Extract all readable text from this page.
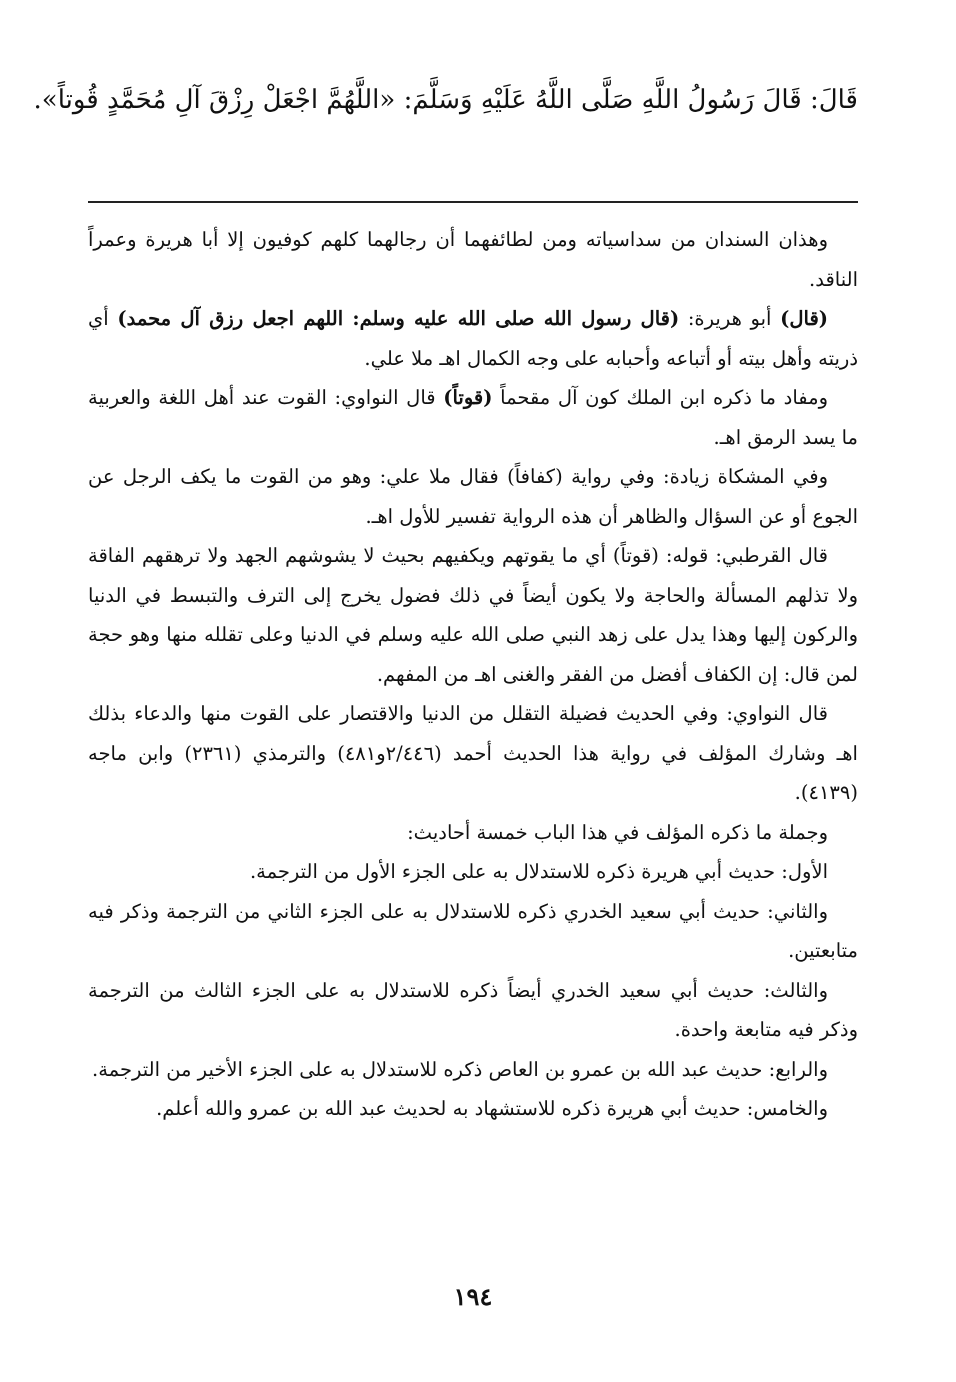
قَالَ: قَالَ رَسُولُ اللَّهِ صَلَّى اللَّهُ عَلَيْهِ وَسَلَّمَ: «اللَّهُمَّ اجْعَلْ رِزْقَ آلِ مُحَمَّدٍ قُوتاً».

وهذان السندان من سداسياته ومن لطائفهما أن رجالهما كلهم كوفيون إلا أبا هريرة وعمراً الناقد.

(قال) أبو هريرة: (قال رسول الله صلى الله عليه وسلم: اللهم اجعل رزق آل محمد) أي ذريته وأهل بيته أو أتباعه وأحبابه على وجه الكمال اهـ ملا علي.

ومفاد ما ذكره ابن الملك كون آل مقحماً (قوتاً) قال النواوي: القوت عند أهل اللغة والعربية ما يسد الرمق اهـ.

وفي المشكاة زيادة: وفي رواية (كفافاً) فقال ملا علي: وهو من القوت ما يكف الرجل عن الجوع أو عن السؤال والظاهر أن هذه الرواية تفسير للأول اهـ.

قال القرطبي: قوله: (قوتاً) أي ما يقوتهم ويكفيهم بحيث لا يشوشهم الجهد ولا ترهقهم الفاقة ولا تذلهم المسألة والحاجة ولا يكون أيضاً في ذلك فضول يخرج إلى الترف والتبسط في الدنيا والركون إليها وهذا يدل على زهد النبي صلى الله عليه وسلم في الدنيا وعلى تقلله منها وهو حجة لمن قال: إن الكفاف أفضل من الفقر والغنى اهـ من المفهم.

قال النواوي: وفي الحديث فضيلة التقلل من الدنيا والاقتصار على القوت منها والدعاء بذلك اهـ وشارك المؤلف في رواية هذا الحديث أحمد (٢/٤٤٦و٤٨١) والترمذي (٢٣٦١) وابن ماجه (٤١٣٩).

وجملة ما ذكره المؤلف في هذا الباب خمسة أحاديث:

الأول: حديث أبي هريرة ذكره للاستدلال به على الجزء الأول من الترجمة.

والثاني: حديث أبي سعيد الخدري ذكره للاستدلال به على الجزء الثاني من الترجمة وذكر فيه متابعتين.

والثالث: حديث أبي سعيد الخدري أيضاً ذكره للاستدلال به على الجزء الثالث من الترجمة وذكر فيه متابعة واحدة.

والرابع: حديث عبد الله بن عمرو بن العاص ذكره للاستدلال به على الجزء الأخير من الترجمة.

والخامس: حديث أبي هريرة ذكره للاستشهاد به لحديث عبد الله بن عمرو والله أعلم.

١٩٤
